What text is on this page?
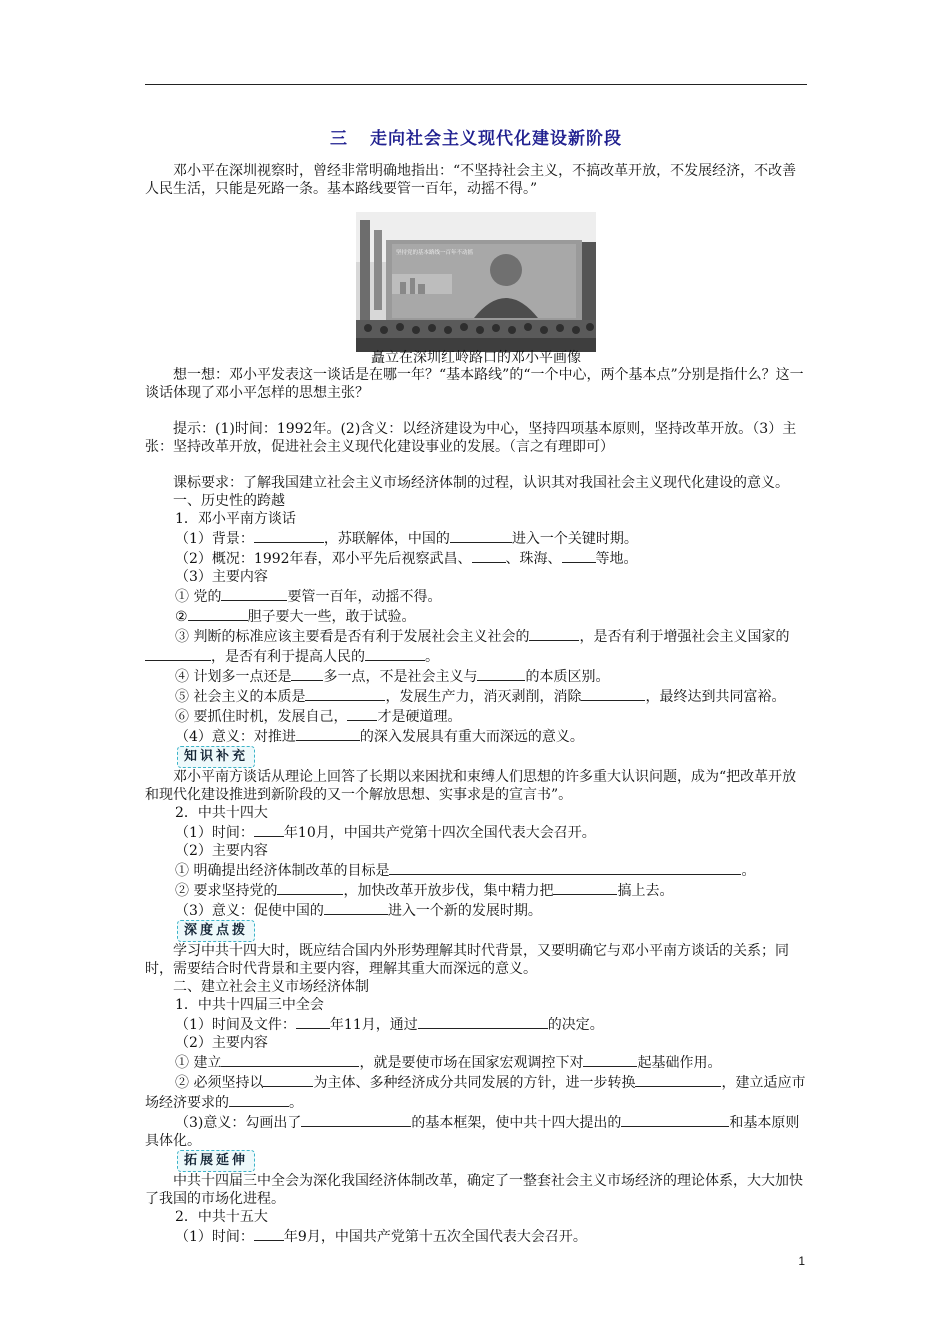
三 走向社会主义现代化建设新阶段

邓小平在深圳视察时，曾经非常明确地指出：“不坚持社会主义，不搞改革开放，不发展经济，不改善人民生活，只能是死路一条。基本路线要管一百年，动摇不得。”

坚持党的基本路线一百年不动摇
矗立在深圳红岭路口的邓小平画像

想一想：邓小平发表这一谈话是在哪一年？“基本路线”的“一个中心，两个基本点”分别是指什么？这一谈话体现了邓小平怎样的思想主张？

提示：(1)时间：1992年。(2)含义：以经济建设为中心，坚持四项基本原则，坚持改革开放。（3）主张：坚持改革开放，促进社会主义现代化建设事业的发展。（言之有理即可）

课标要求：了解我国建立社会主义市场经济体制的过程，认识其对我国社会主义现代化建设的意义。

一、历史性的跨越

1．邓小平南方谈话

（1）背景：	，苏联解体，中国的	进入一个关键时期。

（2）概况：1992年春，邓小平先后视察武昌、 、珠海、 等地。

（3）主要内容

① 党的	要管一百年，动摇不得。

②	胆子要大一些，敢于试验。

③ 判断的标准应该主要看是否有利于发展社会主义社会的	，是否有利于增强社会主义国家的，是否有利于提高人民的	。

④ 计划多一点还是 多一点，不是社会主义与	的本质区别。

⑤ 社会主义的本质是	，发展生产力，消灭剥削，消除	，最终达到共同富裕。

⑥ 要抓住时机，发展自己， 才是硬道理。

（4）意义：对推进	的深入发展具有重大而深远的意义。

知识补充

邓小平南方谈话从理论上回答了长期以来困扰和束缚人们思想的许多重大认识问题，成为“把改革开放和现代化建设推进到新阶段的又一个解放思想、实事求是的宣言书”。

2．中共十四大

（1）时间： 年10月，中国共产党第十四次全国代表大会召开。

（2）主要内容

① 明确提出经济体制改革的目标是	。

② 要求坚持党的	，加快改革开放步伐，集中精力把	搞上去。

（3）意义：促使中国的	进入一个新的发展时期。

深度点拨

学习中共十四大时，既应结合国内外形势理解其时代背景，又要明确它与邓小平南方谈话的关系；同时，需要结合时代背景和主要内容，理解其重大而深远的意义。

二、建立社会主义市场经济体制

1．中共十四届三中全会

（1）时间及文件： 年11月，通过	的决定。

（2）主要内容

① 建立	，就是要使市场在国家宏观调控下对	起基础作用。

② 必须坚持以	为主体、多种经济成分共同发展的方针，进一步转换	，建立适应市场经济要求的	。

（3)意义：勾画出了	的基本框架，使中共十四大提出的	和基本原则具体化。

拓展延伸

中共十四届三中全会为深化我国经济体制改革，确定了一整套社会主义市场经济的理论体系，大大加快了我国的市场化进程。

2．中共十五大

（1）时间： 年9月，中国共产党第十五次全国代表大会召开。

1
